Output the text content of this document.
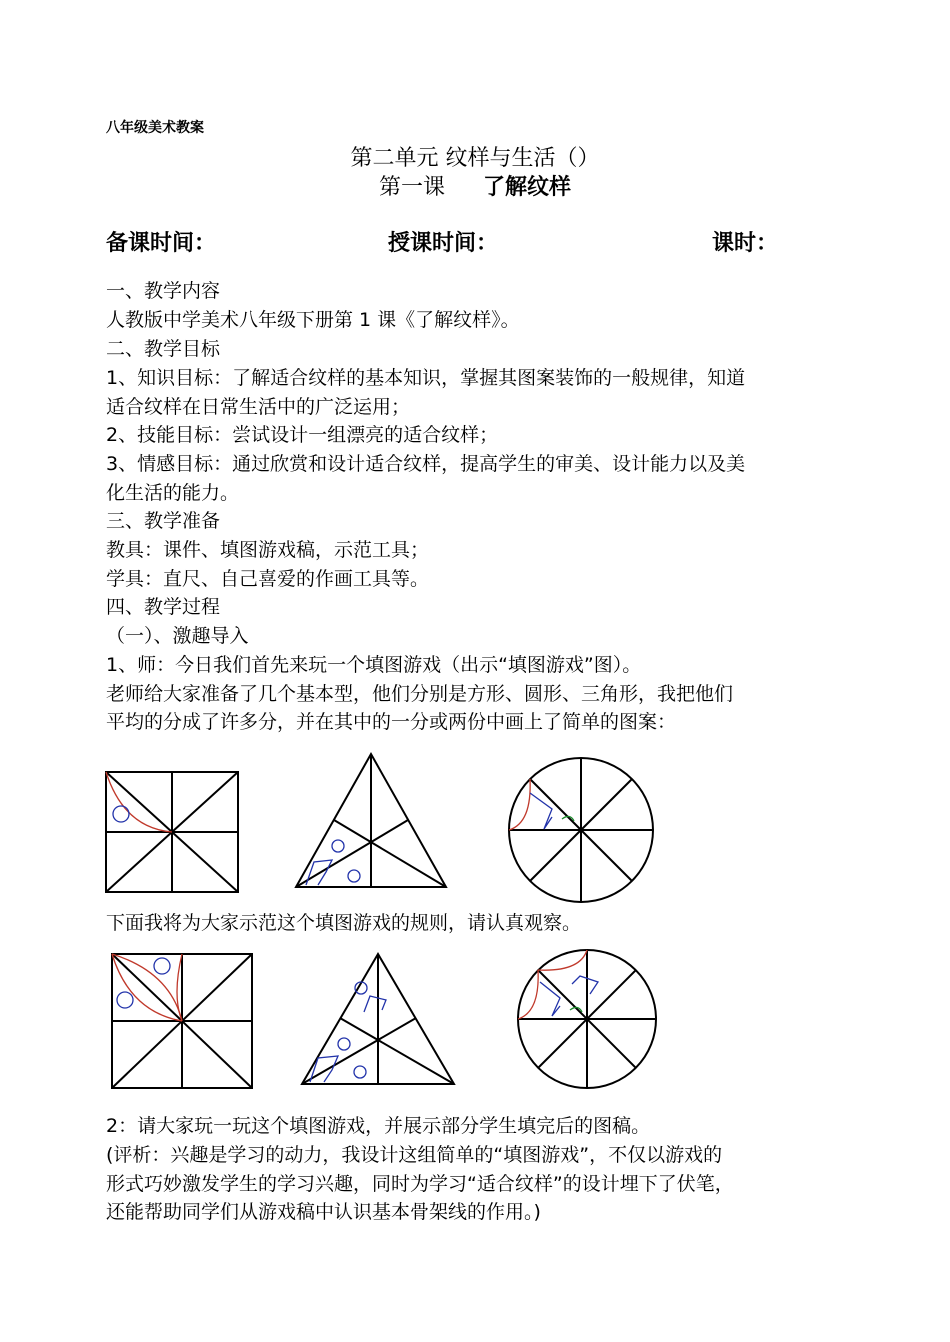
八年级美术教案
第二单元 纹样与生活（）
第一课 了解纹样
备课时间：	授课时间：	课时：
一、教学内容
人教版中学美术八年级下册第 1 课《了解纹样》。
二、教学目标
1、知识目标：了解适合纹样的基本知识，掌握其图案装饰的一般规律，知道
适合纹样在日常生活中的广泛运用；
2、技能目标：尝试设计一组漂亮的适合纹样；
3、情感目标：通过欣赏和设计适合纹样，提高学生的审美、设计能力以及美
化生活的能力。
三、教学准备
教具：课件、填图游戏稿，示范工具；
学具：直尺、自己喜爱的作画工具等。
四、教学过程
（一）、激趣导入
1、师：今日我们首先来玩一个填图游戏（出示“填图游戏”图）。
老师给大家准备了几个基本型，他们分别是方形、圆形、三角形，我把他们
平均的分成了许多分，并在其中的一分或两份中画上了简单的图案：
下面我将为大家示范这个填图游戏的规则，请认真观察。
2：请大家玩一玩这个填图游戏，并展示部分学生填完后的图稿。
(评析：兴趣是学习的动力，我设计这组简单的“填图游戏”，不仅以游戏的
形式巧妙激发学生的学习兴趣，同时为学习“适合纹样”的设计埋下了伏笔，
还能帮助同学们从游戏稿中认识基本骨架线的作用。)
